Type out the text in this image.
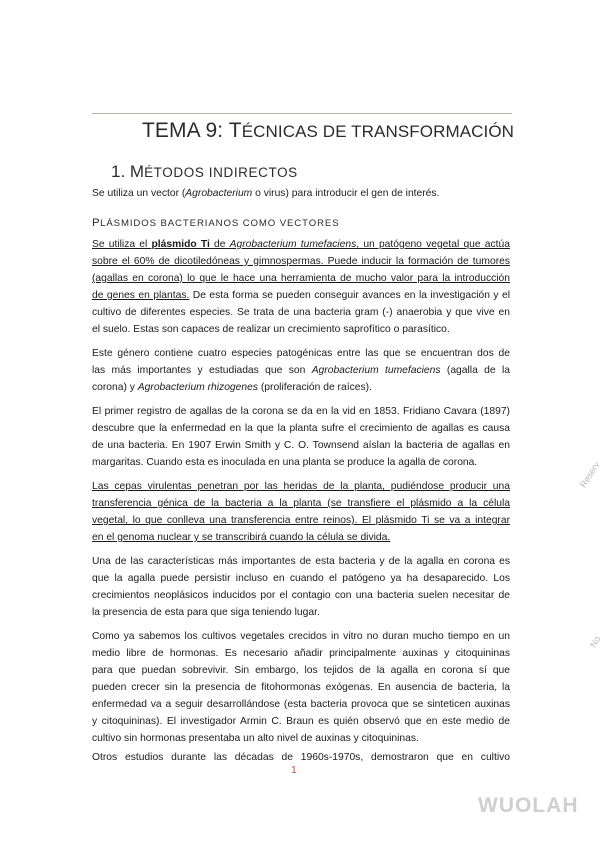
TEMA 9: TÉCNICAS DE TRANSFORMACIÓN
1. MÉTODOS INDIRECTOS
Se utiliza un vector (Agrobacterium o virus) para introducir el gen de interés.
PLÁSMIDOS BACTERIANOS COMO VECTORES
Se utiliza el plásmido Ti de Agrobacterium tumefaciens, un patógeno vegetal que actúa
sobre el 60% de dicotiledóneas y gimnospermas. Puede inducir la formación de tumores
(agallas en corona) lo que le hace una herramienta de mucho valor para la introducción
de genes en plantas. De esta forma se pueden conseguir avances en la investigación y el
cultivo de diferentes especies. Se trata de una bacteria gram (-) anaerobia y que vive en
el suelo. Estas son capaces de realizar un crecimiento saprofítico o parasítico.
Este género contiene cuatro especies patogénicas entre las que se encuentran dos de
las más importantes y estudiadas que son Agrobacterium tumefaciens (agalla de la
corona) y Agrobacterium rhizogenes (proliferación de raíces).
El primer registro de agallas de la corona se da en la vid en 1853. Fridiano Cavara (1897)
descubre que la enfermedad en la que la planta sufre el crecimiento de agallas es causa
de una bacteria. En 1907 Erwin Smith y C. O. Townsend aíslan la bacteria de agallas en
margaritas. Cuando esta es inoculada en una planta se produce la agalla de corona.
Las cepas virulentas penetran por las heridas de la planta, pudiéndose producir una
transferencia génica de la bacteria a la planta (se transfiere el plásmido a la célula
vegetal, lo que conlleva una transferencia entre reinos). El plásmido Ti se va a integrar
en el genoma nuclear y se transcribirá cuando la célula se divida.
Una de las características más importantes de esta bacteria y de la agalla en corona es
que la agalla puede persistir incluso en cuando el patógeno ya ha desaparecido. Los
crecimientos neoplásicos inducidos por el contagio con una bacteria suelen necesitar de
la presencia de esta para que siga teniendo lugar.
Como ya sabemos los cultivos vegetales crecidos in vitro no duran mucho tiempo en un
medio libre de hormonas. Es necesario añadir principalmente auxinas y citoquininas
para que puedan sobrevivir. Sin embargo, los tejidos de la agalla en corona sí que
pueden crecer sin la presencia de fitohormonas exógenas. En ausencia de bacteria, la
enfermedad va a seguir desarrollándose (esta bacteria provoca que se sinteticen auxinas
y citoquininas). El investigador Armin C. Braun es quién observó que en este medio de
cultivo sin hormonas presentaba un alto nivel de auxinas y citoquininas.
Otros estudios durante las décadas de 1960s-1970s, demostraron que en cultivo
1
Reserv
No
WUOLAH
